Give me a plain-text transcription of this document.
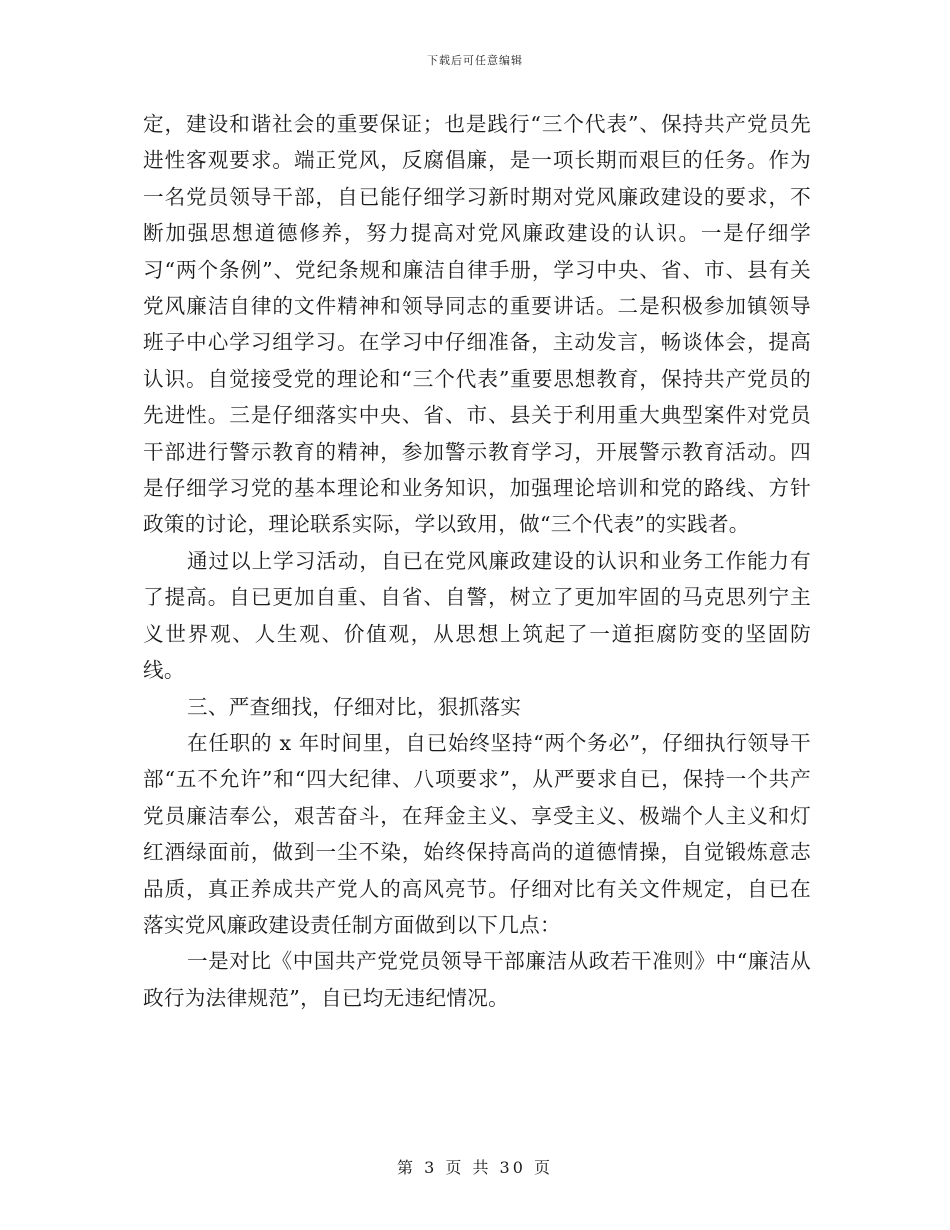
下载后可任意编辑

定，建设和谐社会的重要保证；也是践行“三个代表”、保持共产党员先进性客观要求。端正党风，反腐倡廉，是一项长期而艰巨的任务。作为一名党员领导干部，自已能仔细学习新时期对党风廉政建设的要求，不断加强思想道德修养，努力提高对党风廉政建设的认识。一是仔细学习“两个条例”、党纪条规和廉洁自律手册，学习中央、省、市、县有关党风廉洁自律的文件精神和领导同志的重要讲话。二是积极参加镇领导班子中心学习组学习。在学习中仔细准备，主动发言，畅谈体会，提高认识。自觉接受党的理论和“三个代表”重要思想教育，保持共产党员的先进性。三是仔细落实中央、省、市、县关于利用重大典型案件对党员干部进行警示教育的精神，参加警示教育学习，开展警示教育活动。四是仔细学习党的基本理论和业务知识，加强理论培训和党的路线、方针政策的讨论，理论联系实际，学以致用，做“三个代表”的实践者。

通过以上学习活动，自已在党风廉政建设的认识和业务工作能力有了提高。自已更加自重、自省、自警，树立了更加牢固的马克思列宁主义世界观、人生观、价值观，从思想上筑起了一道拒腐防变的坚固防线。

三、严查细找，仔细对比，狠抓落实

在任职的 x 年时间里，自已始终坚持“两个务必”，仔细执行领导干部“五不允许”和“四大纪律、八项要求”，从严要求自已，保持一个共产党员廉洁奉公，艰苦奋斗，在拜金主义、享受主义、极端个人主义和灯红酒绿面前，做到一尘不染，始终保持高尚的道德情操，自觉锻炼意志品质，真正养成共产党人的高风亮节。仔细对比有关文件规定，自已在落实党风廉政建设责任制方面做到以下几点：

一是对比《中国共产党党员领导干部廉洁从政若干准则》中“廉洁从政行为法律规范”，自已均无违纪情况。

第 3 页 共 30 页
